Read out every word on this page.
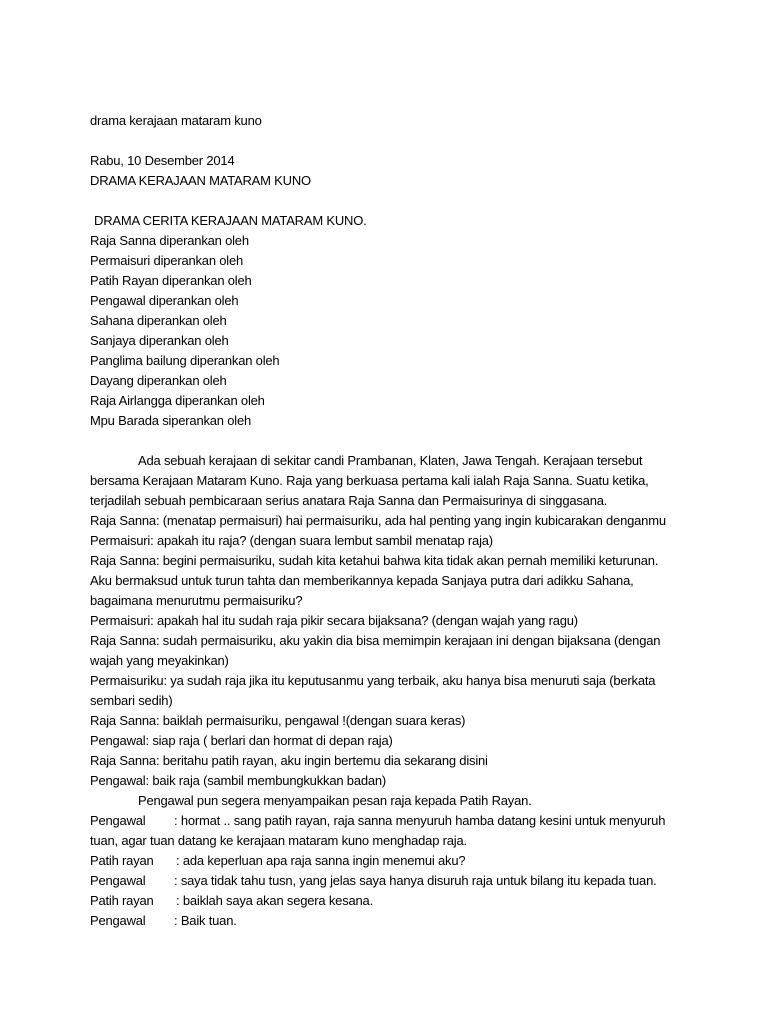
drama kerajaan mataram kuno
Rabu, 10 Desember 2014
DRAMA KERAJAAN MATARAM KUNO
DRAMA CERITA KERAJAAN MATARAM KUNO.
Raja Sanna diperankan oleh
Permaisuri diperankan oleh
Patih Rayan diperankan oleh
Pengawal diperankan oleh
Sahana diperankan oleh
Sanjaya diperankan oleh
Panglima bailung diperankan oleh
Dayang diperankan oleh
Raja Airlangga diperankan oleh
Mpu Barada siperankan oleh
Ada sebuah kerajaan di sekitar candi Prambanan, Klaten, Jawa Tengah. Kerajaan tersebut
bersama Kerajaan Mataram Kuno. Raja yang berkuasa pertama kali ialah Raja Sanna. Suatu ketika,
terjadilah sebuah pembicaraan serius anatara Raja Sanna dan Permaisurinya di singgasana.
Raja Sanna: (menatap permaisuri) hai permaisuriku, ada hal penting yang ingin kubicarakan denganmu
Permaisuri: apakah itu raja? (dengan suara lembut sambil menatap raja)
Raja Sanna: begini permaisuriku, sudah kita ketahui bahwa kita tidak akan pernah memiliki keturunan.
Aku bermaksud untuk turun tahta dan memberikannya kepada Sanjaya putra dari adikku Sahana,
bagaimana menurutmu permaisuriku?
Permaisuri: apakah hal itu sudah raja pikir secara bijaksana? (dengan wajah yang ragu)
Raja Sanna: sudah permaisuriku, aku yakin dia bisa memimpin kerajaan ini dengan bijaksana (dengan
wajah yang meyakinkan)
Permaisuriku: ya sudah raja jika itu keputusanmu yang terbaik, aku hanya bisa menuruti saja (berkata
sembari sedih)
Raja Sanna: baiklah permaisuriku, pengawal !(dengan suara keras)
Pengawal: siap raja ( berlari dan hormat di depan raja)
Raja Sanna: beritahu patih rayan, aku ingin bertemu dia sekarang disini
Pengawal: baik raja (sambil membungkukkan badan)
Pengawal pun segera menyampaikan pesan raja kepada Patih Rayan.
Pengawal : hormat .. sang patih rayan, raja sanna menyuruh hamba datang kesini untuk menyuruh
tuan, agar tuan datang ke kerajaan mataram kuno menghadap raja.
Patih rayan : ada keperluan apa raja sanna ingin menemui aku?
Pengawal : saya tidak tahu tusn, yang jelas saya hanya disuruh raja untuk bilang itu kepada tuan.
Patih rayan : baiklah saya akan segera kesana.
Pengawal : Baik tuan.
